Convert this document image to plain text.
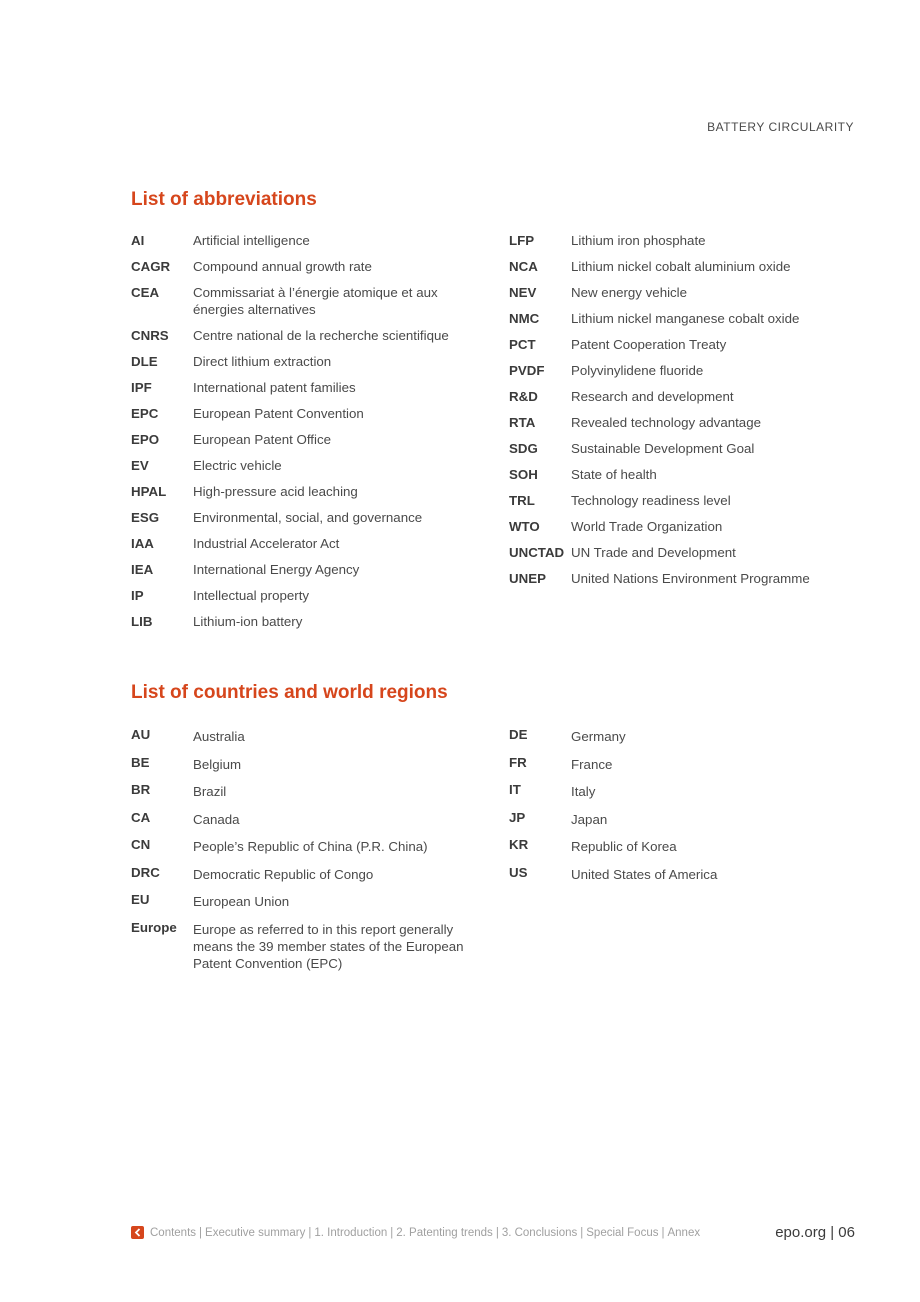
BATTERY CIRCULARITY
List of abbreviations
AI	Artificial intelligence
CAGR	Compound annual growth rate
CEA	Commissariat à l’énergie atomique et aux énergies alternatives
CNRS	Centre national de la recherche scientifique
DLE	Direct lithium extraction
IPF	International patent families
EPC	European Patent Convention
EPO	European Patent Office
EV	Electric vehicle
HPAL	High-pressure acid leaching
ESG	Environmental, social, and governance
IAA	Industrial Accelerator Act
IEA	International Energy Agency
IP	Intellectual property
LIB	Lithium-ion battery
LFP	Lithium iron phosphate
NCA	Lithium nickel cobalt aluminium oxide
NEV	New energy vehicle
NMC	Lithium nickel manganese cobalt oxide
PCT	Patent Cooperation Treaty
PVDF	Polyvinylidene fluoride
R&D	Research and development
RTA	Revealed technology advantage
SDG	Sustainable Development Goal
SOH	State of health
TRL	Technology readiness level
WTO	World Trade Organization
UNCTAD UN Trade and Development
UNEP	United Nations Environment Programme
List of countries and world regions
AU	Australia
BE	Belgium
BR	Brazil
CA	Canada
CN	People’s Republic of China (P.R. China)
DRC	Democratic Republic of Congo
EU	European Union
Europe	Europe as referred to in this report generally means the 39 member states of the European Patent Convention (EPC)
DE	Germany
FR	France
IT	Italy
JP	Japan
KR	Republic of Korea
US	United States of America
Contents | Executive summary | 1. Introduction | 2. Patenting trends | 3. Conclusions | Special Focus | Annex	epo.org | 06
